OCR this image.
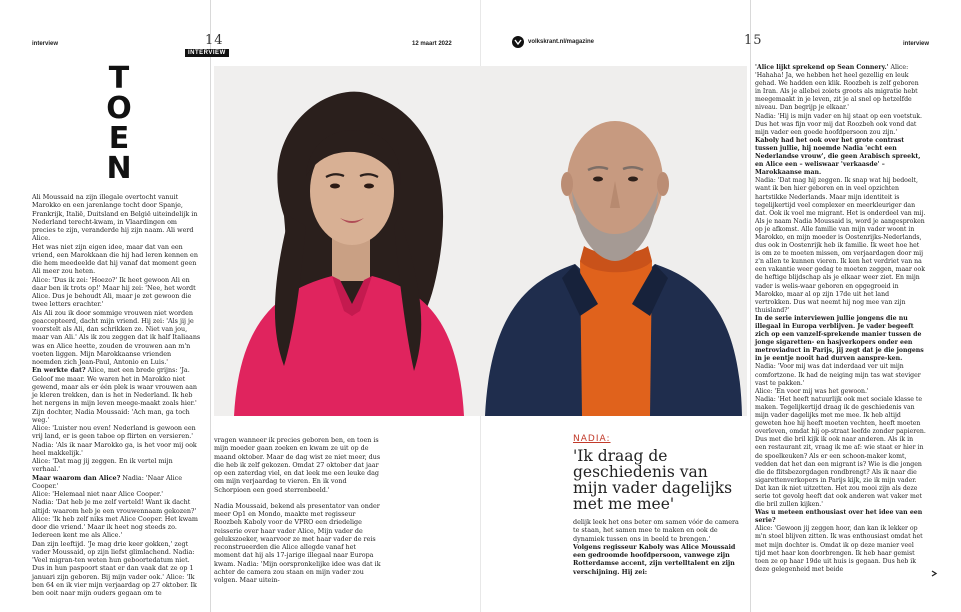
interview	14
INTERVIEW
12 maart 2022	volkskrant.nl/magazine	15	interview
T
O
E
N

Ali Moussaid na zijn illegale overtocht vanuit Marokko en een jarenlange tocht door Spanje, Frankrijk, Italië, Duitsland en België uiteindelijk in Nederland terecht-kwam, in Vlaardingen om precies te zijn, veranderde hij zijn naam. Ali werd Alice.

Het was niet zijn eigen idee, maar dat van een vriend, een Marokkaan die hij had leren kennen en die hem meedeelde dat hij vanaf dat moment geen Ali meer zou heten.

Alice: 'Dus ik zei: 'Hoezo?' Ik heet gewoon Ali en daar ben ik trots op!' Maar hij zei: 'Nee, het wordt Alice. Dus je behoudt Ali, maar je zet gewoon die twee letters erachter.'

Als Ali zou ik door sommige vrouwen niet worden geaccepteerd, dacht mijn vriend. Hij zei: 'Als jij je voorstelt als Ali, dan schrikken ze. Niet van jou, maar van Ali.' Als ik zou zeggen dat ik half Italiaans was en Alice heette, zouden de vrouwen aan m'n voeten liggen. Mijn Marokkaanse vrienden noemden zich Jean-Paul, Antonio en Luis.'

En werkte dat?

Alice, met een brede grijns: 'Ja. Geloof me maar. We waren het in Marokko niet gewend, maar als er één plek is waar vrouwen aan je kleren trekken, dan is het in Nederland. Ik heb het nergens in mijn leven meege-maakt zoals hier.'

Zijn dochter, Nadia Moussaid: 'Ach man, ga toch weg.'

Alice: 'Luister nou even! Nederland is gewoon een vrij land, er is geen taboe op flirten en versieren.'

Nadia: 'Als ik naar Marokko ga, is het voor mij ook heel makkelijk.'

Alice: 'Dat mag jij zeggen. En ik vertel mijn verhaal.'

Maar waarom dan Alice?

Nadia: 'Naar Alice Cooper.'

Alice: 'Helemaal niet naar Alice Cooper.'

Nadia: 'Dat heb je me zelf verteld! Want ik dacht altijd: waarom heb je een vrouwennaam gekozen?'

Alice: 'Ik heb zelf niks met Alice Cooper. Het kwam door die vriend.' Maar ik heet nog steeds zo. Iedereen kent me als Alice.'

Dan zijn leeftijd. 'Je mag drie keer gokken,' zegt vader Moussaid, op zijn liefst glimlachend. Nadia: 'Veel migran-ten weten hun geboortedatum niet. Dus in hun paspoort staat er dan vaak dat ze op 1 januari zijn geboren. Bij mijn vader ook.' Alice: 'Ik ben 64 en ik vier mijn verjaardag op 27 oktober. Ik ben ooit naar mijn ouders gegaan om te

vragen wanneer ik precies geboren ben, en toen is mijn moeder gaan zoeken en kwam ze uit op de maand oktober. Maar de dag wist ze niet meer, dus die heb ik zelf gekozen. Omdat 27 oktober dat jaar op een zaterdag viel, en dat leek me een leuke dag om mijn verjaardag te vieren. En ik vond Schorpioen een goed sterrenbeeld.'

Nadia Moussaid, bekend als presentator van onder meer Op1 en Mondo, maakte met regisseur Roozbeh Kaboly voor de VPRO een driedelige reisserie over haar vader Alice, Mijn vader de gelukszoeker, waarvoor ze met haar vader de reis reconstrueerden die Alice allegde vanaf het moment dat hij als 17-jarige illegaal naar Europa kwam. Nadia: 'Mijn oorspronkelijke idee was dat ik achter de camera zou staan en mijn vader zou volgen. Maar uitein-

NADIA:
'Ik draag de geschiedenis van mijn vader dagelijks met me mee'

delijk leek het ons beter om samen vóór de camera te staan, het samen mee te maken en ook de dynamiek tussen ons in beeld te brengen.'

Volgens regisseur Kaboly was Alice Moussaid een gedroomde hoofdpersoon, vanwege zijn Rotterdamse accent, zijn vertelltalent en zijn verschijning. Hij zei:

'Alice lijkt sprekend op Sean Connery.'

Alice: 'Hahaha! Ja, we hebben het heel gezellig en leuk gehad. We hadden een klik. Roozbeh is zelf geboren in Iran. Als je allebei zoiets groots als migratie hebt meegemaakt in je leven, zit je al snel op hetzelfde niveau. Dan begrijp je elkaar.'

Nadia: 'Hij is mijn vader en hij staat op een voetstuk. Dus het was fijn voor mij dat Roozbeh ook vond dat mijn vader een goede hoofdpersoon zou zijn.'

Kaboly had het ook over het grote contrast tussen jullie, hij noemde Nadia 'echt een Nederlandse vrouw', die geen Arabisch spreekt, en Alice een – weliswaar 'verkaasde' – Marokkaanse man.

Nadia: 'Dat mag hij zeggen. Ik snap wat hij bedoelt, want ik ben hier geboren en in veel opzichten hartstikke Nederlands. Maar mijn identiteit is tegelijkertijd veel complexer en meerkleuriger dan dat. Ook ik voel me migrant. Het is onderdeel van mij. Als je naam Nadia Moussaid is, word je aangesproken op je afkomst. Alle familie van mijn vader woont in Marokko, en mijn moeder is Oostenrijks-Nederlands, dus ook in Oostenrijk heb ik familie. Ik weet hoe het is om ze te moeten missen, om verjaardagen door mij z'n allen te kunnen vieren. Ik ken het verdriet van na een vakantie weer gedag te moeten zeggen, maar ook de heftige blijdschap als je elkaar weer ziet. En mijn vader is welis-waar geboren en opgegroeid in Marokko, maar al op zijn 17de uit het land vertrokken. Dus wat neemt hij nog mee van zijn thuisland?'

In de serie interviewen jullie jongens die nu illegaal in Europa verblijven. Je vader begeeft zich op een vanzelf-sprekende manier tussen de jonge sigaretten- en hasjverkopers onder een metroviaduct in Parijs, jij zegt dat je die jongens in je eentje nooit had durven aanspre-ken.

Nadia: 'Voor mij was dat inderdaad ver uit mijn comfortzone. Ik had de neiging mijn tas wat steviger vast te pakken.'

Alice: 'En voor mij was het gewoon.'

Nadia: 'Het heeft natuurlijk ook met sociale klasse te maken. Tegelijkertijd draag ik de geschiedenis van mijn vader dagelijks met me mee. Ik heb altijd geweten hoe hij heeft moeten vechten, heeft moeten overleven, omdat hij op-straat leefde zonder papieren. Dus met die bril kijk ik ook naar anderen. Als ik in een restaurant zit, vraag ik me af: wie staat er hier in de spoelkeuken? Als er een schoon-maker komt, vedden dat het dan een migrant is? Wie is die jongen die de flitsbezorgdagen rondbrengt? Als ik naar die sigarettenverkopers in Parijs kijk, zie ik mijn vader. Dat kan ik niet uitzetten. Het zou mooi zijn als deze serie tot gevolg heeft dat ook anderen wat vaker met die bril zullen kijken.'

Was u meteen enthousiast over het idee van een serie?

Alice: 'Gewoon jij zeggen hoor, dan kan ik lekker op m'n stoel blijven zitten. Ik was enthousiast omdat het met mijn dochter is. Omdat ik op deze manier veel tijd met haar kon doorbrengen. Ik heb haar gemist toen ze op haar 19de uit huis is gegaan. Dus heb ik deze gelegenheid met beide
